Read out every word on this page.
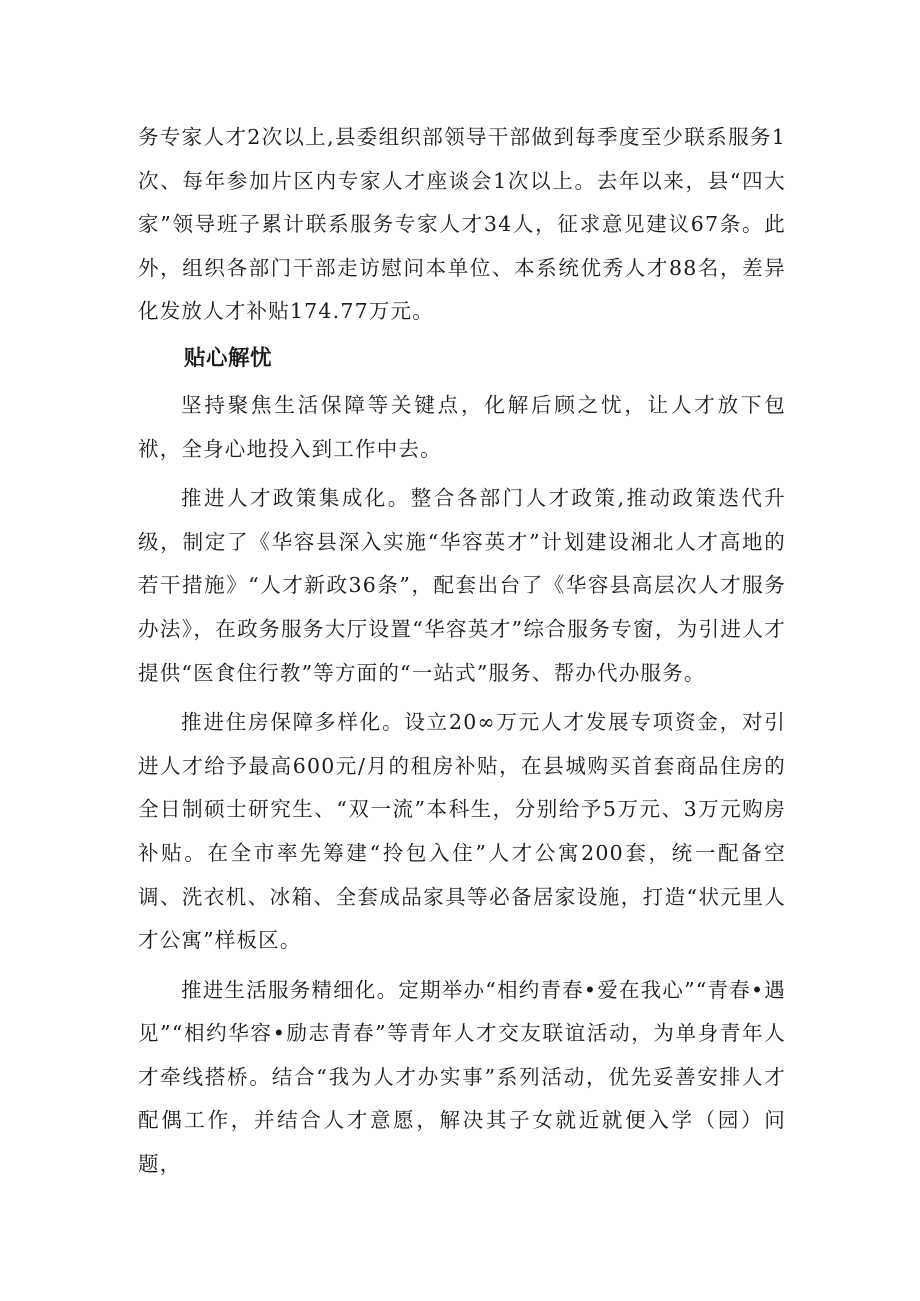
务专家人才2次以上,县委组织部领导干部做到每季度至少联系服务1次、每年参加片区内专家人才座谈会1次以上。去年以来，县“四大家”领导班子累计联系服务专家人才34人，征求意见建议67条。此外，组织各部门干部走访慰问本单位、本系统优秀人才88名，差异化发放人才补贴174.77万元。

贴心解忧

坚持聚焦生活保障等关键点，化解后顾之忧，让人才放下包袱，全身心地投入到工作中去。

推进人才政策集成化。整合各部门人才政策,推动政策迭代升级，制定了《华容县深入实施“华容英才”计划建设湘北人才高地的若干措施》“人才新政36条”，配套出台了《华容县高层次人才服务办法》，在政务服务大厅设置“华容英才”综合服务专窗，为引进人才提供“医食住行教”等方面的“一站式”服务、帮办代办服务。

推进住房保障多样化。设立20∞万元人才发展专项资金，对引进人才给予最高600元/月的租房补贴，在县城购买首套商品住房的全日制硕士研究生、“双一流”本科生，分别给予5万元、3万元购房补贴。在全市率先筹建“拎包入住”人才公寓200套，统一配备空调、洗衣机、冰箱、全套成品家具等必备居家设施，打造“状元里人才公寓”样板区。

推进生活服务精细化。定期举办“相约青春•爱在我心”“青春•遇见”“相约华容•励志青春”等青年人才交友联谊活动，为单身青年人才牵线搭桥。结合“我为人才办实事”系列活动，优先妥善安排人才配偶工作，并结合人才意愿，解决其子女就近就便入学（园）问题，
